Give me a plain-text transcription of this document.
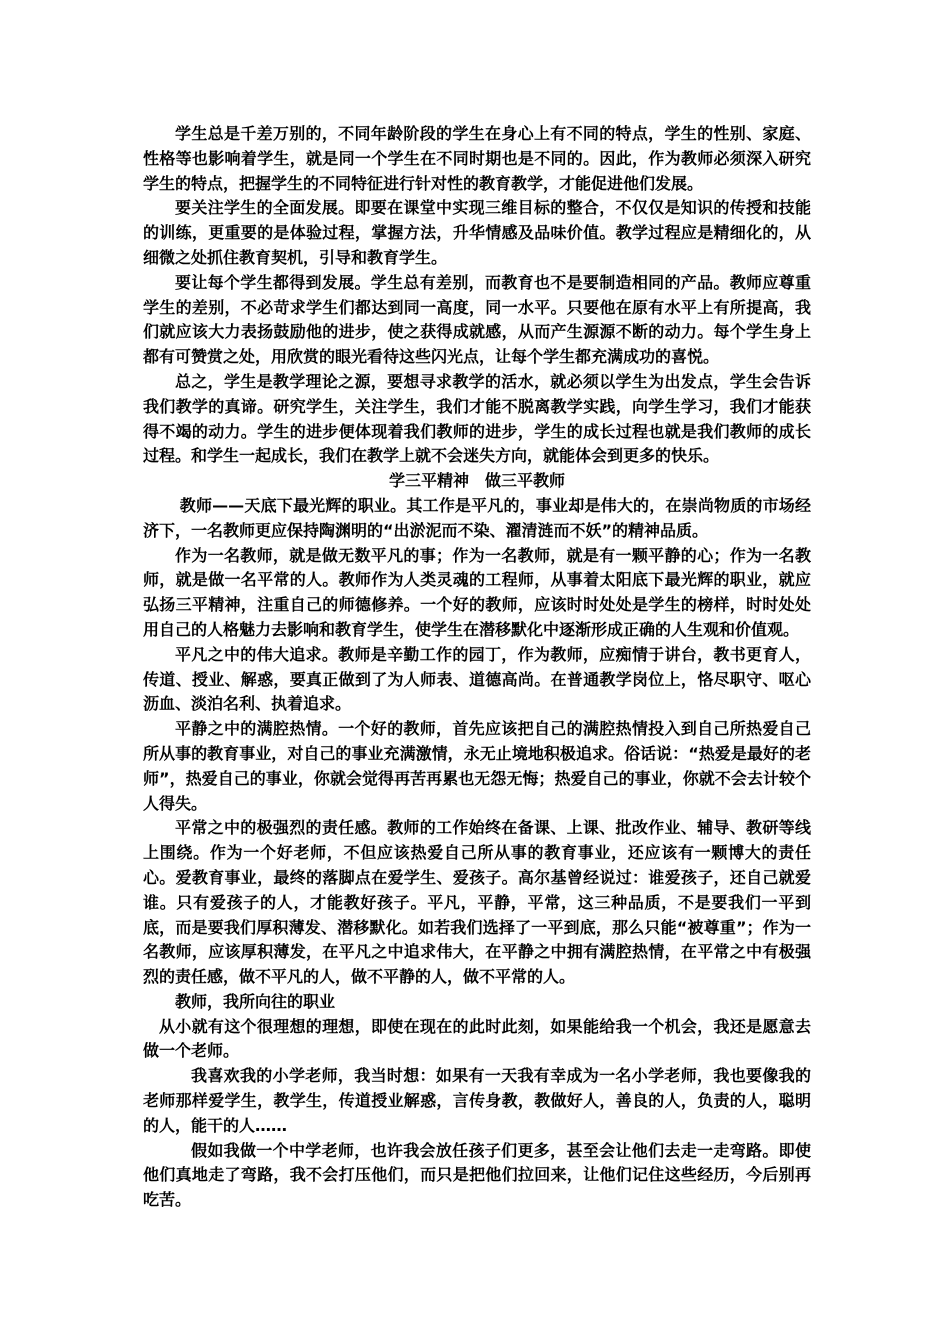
学生总是千差万别的，不同年龄阶段的学生在身心上有不同的特点，学生的性别、家庭、性格等也影响着学生，就是同一个学生在不同时期也是不同的。因此，作为教师必须深入研究学生的特点，把握学生的不同特征进行针对性的教育教学，才能促进他们发展。

要关注学生的全面发展。即要在课堂中实现三维目标的整合，不仅仅是知识的传授和技能的训练，更重要的是体验过程，掌握方法，升华情感及品味价值。教学过程应是精细化的，从细微之处抓住教育契机，引导和教育学生。

要让每个学生都得到发展。学生总有差别，而教育也不是要制造相同的产品。教师应尊重学生的差别，不必苛求学生们都达到同一高度，同一水平。只要他在原有水平上有所提高，我们就应该大力表扬鼓励他的进步，使之获得成就感，从而产生源源不断的动力。每个学生身上都有可赞赏之处，用欣赏的眼光看待这些闪光点，让每个学生都充满成功的喜悦。

总之，学生是教学理论之源，要想寻求教学的活水，就必须以学生为出发点，学生会告诉我们教学的真谛。研究学生，关注学生，我们才能不脱离教学实践，向学生学习，我们才能获得不竭的动力。学生的进步便体现着我们教师的进步，学生的成长过程也就是我们教师的成长过程。和学生一起成长，我们在教学上就不会迷失方向，就能体会到更多的快乐。

学三平精神　做三平教师

教师——天底下最光辉的职业。其工作是平凡的，事业却是伟大的，在崇尚物质的市场经济下，一名教师更应保持陶渊明的“出淤泥而不染、濯清涟而不妖”的精神品质。

作为一名教师，就是做无数平凡的事；作为一名教师，就是有一颗平静的心；作为一名教师，就是做一名平常的人。教师作为人类灵魂的工程师，从事着太阳底下最光辉的职业，就应弘扬三平精神，注重自己的师德修养。一个好的教师，应该时时处处是学生的榜样，时时处处用自己的人格魅力去影响和教育学生，使学生在潜移默化中逐渐形成正确的人生观和价值观。

平凡之中的伟大追求。教师是辛勤工作的园丁，作为教师，应痴情于讲台，教书更育人，传道、授业、解惑，要真正做到了为人师表、道德高尚。在普通教学岗位上，恪尽职守、呕心沥血、淡泊名利、执着追求。

平静之中的满腔热情。一个好的教师，首先应该把自己的满腔热情投入到自己所热爱自己所从事的教育事业，对自己的事业充满激情，永无止境地积极追求。俗话说：“热爱是最好的老师”，热爱自己的事业，你就会觉得再苦再累也无怨无悔；热爱自己的事业，你就不会去计较个人得失。

平常之中的极强烈的责任感。教师的工作始终在备课、上课、批改作业、辅导、教研等线上围绕。作为一个好老师，不但应该热爱自己所从事的教育事业，还应该有一颗博大的责任心。爱教育事业，最终的落脚点在爱学生、爱孩子。高尔基曾经说过：谁爱孩子，还自己就爱谁。只有爱孩子的人，才能教好孩子。平凡，平静，平常，这三种品质，不是要我们一平到底，而是要我们厚积薄发、潜移默化。如若我们选择了一平到底，那么只能“被尊重”；作为一名教师，应该厚积薄发，在平凡之中追求伟大，在平静之中拥有满腔热情，在平常之中有极强烈的责任感，做不平凡的人，做不平静的人，做不平常的人。

教师，我所向往的职业

从小就有这个很理想的理想，即使在现在的此时此刻，如果能给我一个机会，我还是愿意去做一个老师。

我喜欢我的小学老师，我当时想：如果有一天我有幸成为一名小学老师，我也要像我的老师那样爱学生，教学生，传道授业解惑，言传身教，教做好人，善良的人，负责的人，聪明的人，能干的人……

假如我做一个中学老师，也许我会放任孩子们更多，甚至会让他们去走一走弯路。即使他们真地走了弯路，我不会打压他们，而只是把他们拉回来，让他们记住这些经历，今后别再吃苦。
